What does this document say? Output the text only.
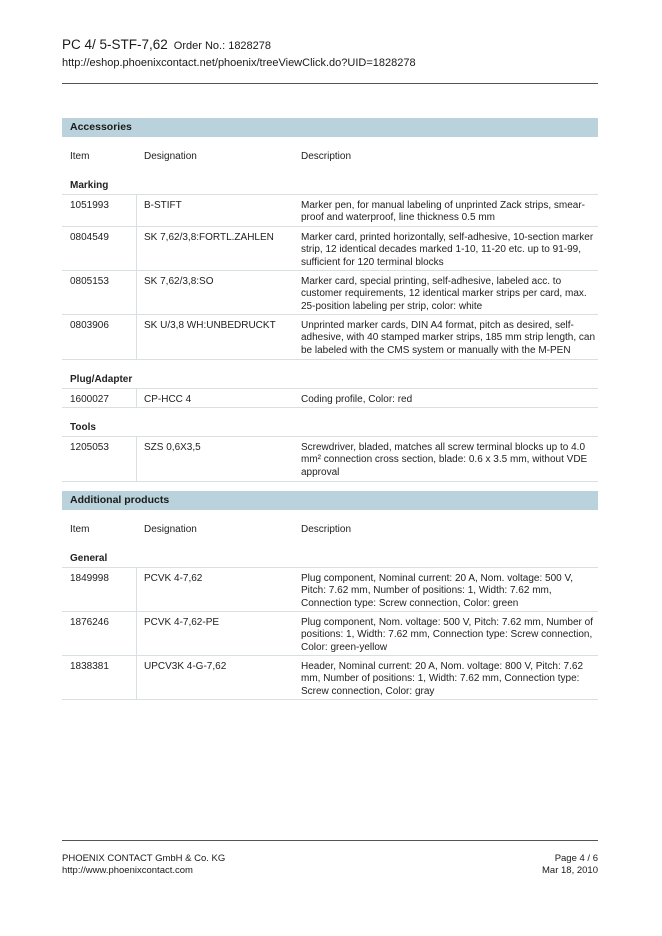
PC 4/ 5-STF-7,62 Order No.: 1828278
http://eshop.phoenixcontact.net/phoenix/treeViewClick.do?UID=1828278
Accessories
Item	Designation	Description
Marking
1051993	B-STIFT	Marker pen, for manual labeling of unprinted Zack strips, smear-proof and waterproof, line thickness 0.5 mm
0804549	SK 7,62/3,8:FORTL.ZAHLEN	Marker card, printed horizontally, self-adhesive, 10-section marker strip, 12 identical decades marked 1-10, 11-20 etc. up to 91-99, sufficient for 120 terminal blocks
0805153	SK 7,62/3,8:SO	Marker card, special printing, self-adhesive, labeled acc. to customer requirements, 12 identical marker strips per card, max. 25-position labeling per strip, color: white
0803906	SK U/3,8 WH:UNBEDRUCKT	Unprinted marker cards, DIN A4 format, pitch as desired, self-adhesive, with 40 stamped marker strips, 185 mm strip length, can be labeled with the CMS system or manually with the M-PEN
Plug/Adapter
1600027	CP-HCC 4	Coding profile, Color: red
Tools
1205053	SZS 0,6X3,5	Screwdriver, bladed, matches all screw terminal blocks up to 4.0 mm² connection cross section, blade: 0.6 x 3.5 mm, without VDE approval
Additional products
Item	Designation	Description
General
1849998	PCVK 4-7,62	Plug component, Nominal current: 20 A, Nom. voltage: 500 V, Pitch: 7.62 mm, Number of positions: 1, Width: 7.62 mm, Connection type: Screw connection, Color: green
1876246	PCVK 4-7,62-PE	Plug component, Nom. voltage: 500 V, Pitch: 7.62 mm, Number of positions: 1, Width: 7.62 mm, Connection type: Screw connection, Color: green-yellow
1838381	UPCV3K 4-G-7,62	Header, Nominal current: 20 A, Nom. voltage: 800 V, Pitch: 7.62 mm, Number of positions: 1, Width: 7.62 mm, Connection type: Screw connection, Color: gray
PHOENIX CONTACT GmbH & Co. KG
http://www.phoenixcontact.com
Page 4 / 6
Mar 18, 2010
